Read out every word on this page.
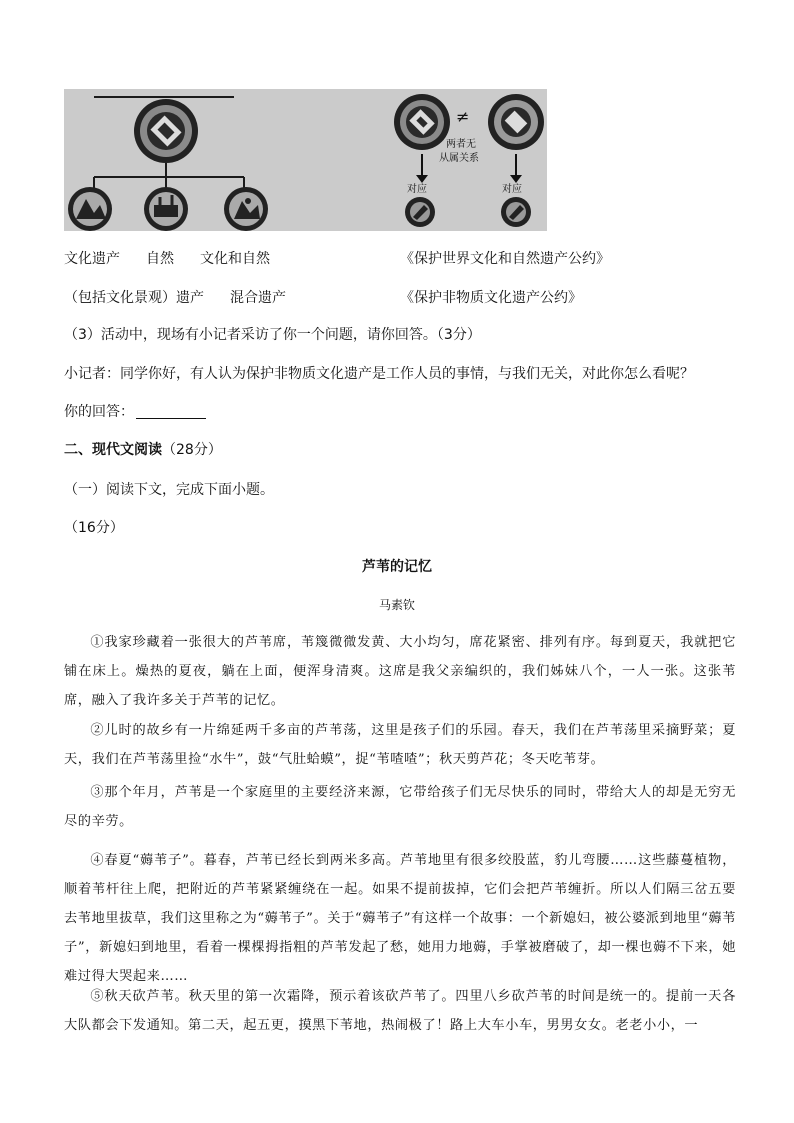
≠
两者无
从属关系
对应	对应
文化遗产 自然 文化和自然	《保护世界文化和自然遗产公约》
（包括文化景观）遗产 混合遗产	《保护非物质文化遗产公约》
（3）活动中，现场有小记者采访了你一个问题，请你回答。（3分）
小记者：同学你好，有人认为保护非物质文化遗产是工作人员的事情，与我们无关，对此你怎么看呢？
你的回答：
二、现代文阅读（28分）
（一）阅读下文，完成下面小题。
（16分）
芦苇的记忆
马素钦
①我家珍藏着一张很大的芦苇席，苇篾微微发黄、大小均匀，席花紧密、排列有序。每到夏天，我就把它铺在床上。燥热的夏夜，躺在上面，便浑身清爽。这席是我父亲编织的，我们姊妹八个，一人一张。这张苇席，融入了我许多关于芦苇的记忆。
②儿时的故乡有一片绵延两千多亩的芦苇荡，这里是孩子们的乐园。春天，我们在芦苇荡里采摘野菜；夏天，我们在芦苇荡里捡“水牛”，鼓“气肚蛤蟆”，捉“苇喳喳”；秋天剪芦花；冬天吃苇芽。
③那个年月，芦苇是一个家庭里的主要经济来源，它带给孩子们无尽快乐的同时，带给大人的却是无穷无尽的辛劳。
④春夏“薅苇子”。暮春，芦苇已经长到两米多高。芦苇地里有很多绞股蓝，豹儿弯腰……这些藤蔓植物，顺着苇杆往上爬，把附近的芦苇紧紧缠绕在一起。如果不提前拔掉，它们会把芦苇缠折。所以人们隔三岔五要去苇地里拔草，我们这里称之为“薅苇子”。关于“薅苇子”有这样一个故事：一个新媳妇，被公婆派到地里“薅苇子”，新媳妇到地里，看着一棵棵拇指粗的芦苇发起了愁，她用力地薅，手掌被磨破了，却一棵也薅不下来，她难过得大哭起来……
⑤秋天砍芦苇。秋天里的第一次霜降，预示着该砍芦苇了。四里八乡砍芦苇的时间是统一的。提前一天各大队都会下发通知。第二天，起五更，摸黑下苇地，热闹极了！路上大车小车，男男女女。老老小小，一
